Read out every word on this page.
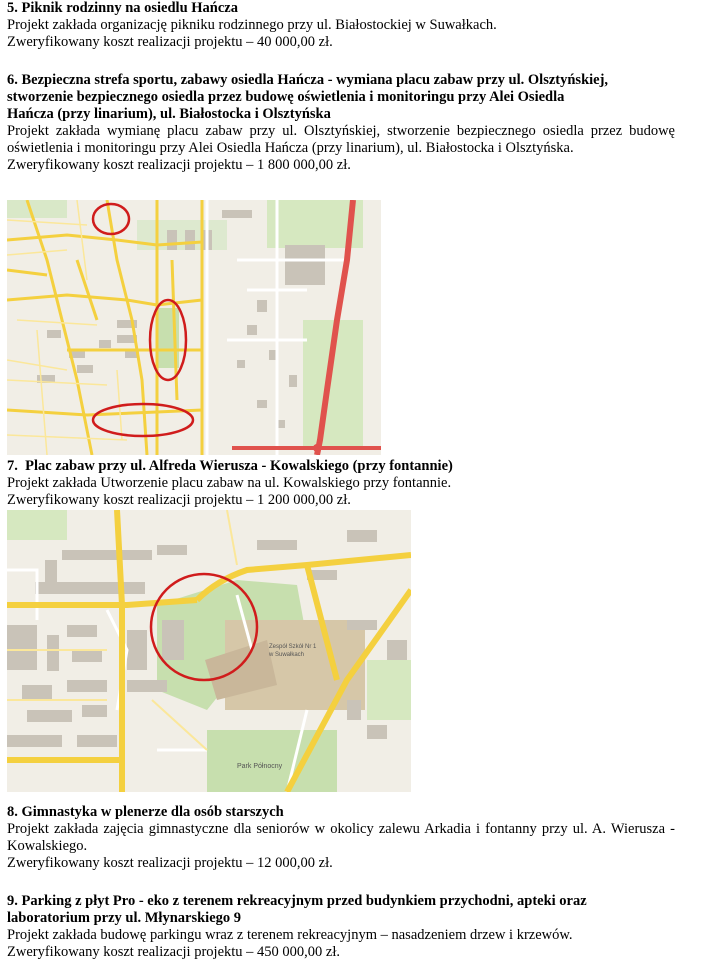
5. Piknik rodzinny na osiedlu Hańcza

Projekt zakłada organizację pikniku rodzinnego przy ul. Białostockiej w Suwałkach.

Zweryfikowany koszt realizacji projektu – 40 000,00 zł.

6. Bezpieczna strefa sportu, zabawy osiedla Hańcza - wymiana placu zabaw przy ul. Olsztyńskiej,

stworzenie bezpiecznego osiedla przez budowę oświetlenia i monitoringu przy Alei Osiedla

Hańcza (przy linarium), ul. Białostocka i Olsztyńska

Projekt zakłada wymianę placu zabaw przy ul. Olsztyńskiej, stworzenie bezpiecznego osiedla przez budowę oświetlenia i monitoringu przy Alei Osiedla Hańcza (przy linarium), ul. Białostocka i Olsztyńska.

Zweryfikowany koszt realizacji projektu – 1 800 000,00 zł.

7. Plac zabaw przy ul. Alfreda Wierusza - Kowalskiego (przy fontannie)

Projekt zakłada Utworzenie placu zabaw na ul. Kowalskiego przy fontannie.

Zweryfikowany koszt realizacji projektu – 1 200 000,00 zł.

Zespół Szkół Nr 1
w Suwałkach
Park Północny

8. Gimnastyka w plenerze dla osób starszych

Projekt zakłada zajęcia gimnastyczne dla seniorów w okolicy zalewu Arkadia i fontanny przy ul. A. Wierusza - Kowalskiego.

Zweryfikowany koszt realizacji projektu – 12 000,00 zł.

9. Parking z płyt Pro - eko z terenem rekreacyjnym przed budynkiem przychodni, apteki oraz

laboratorium przy ul. Młynarskiego 9

Projekt zakłada budowę parkingu wraz z terenem rekreacyjnym – nasadzeniem drzew i krzewów.

Zweryfikowany koszt realizacji projektu – 450 000,00 zł.
